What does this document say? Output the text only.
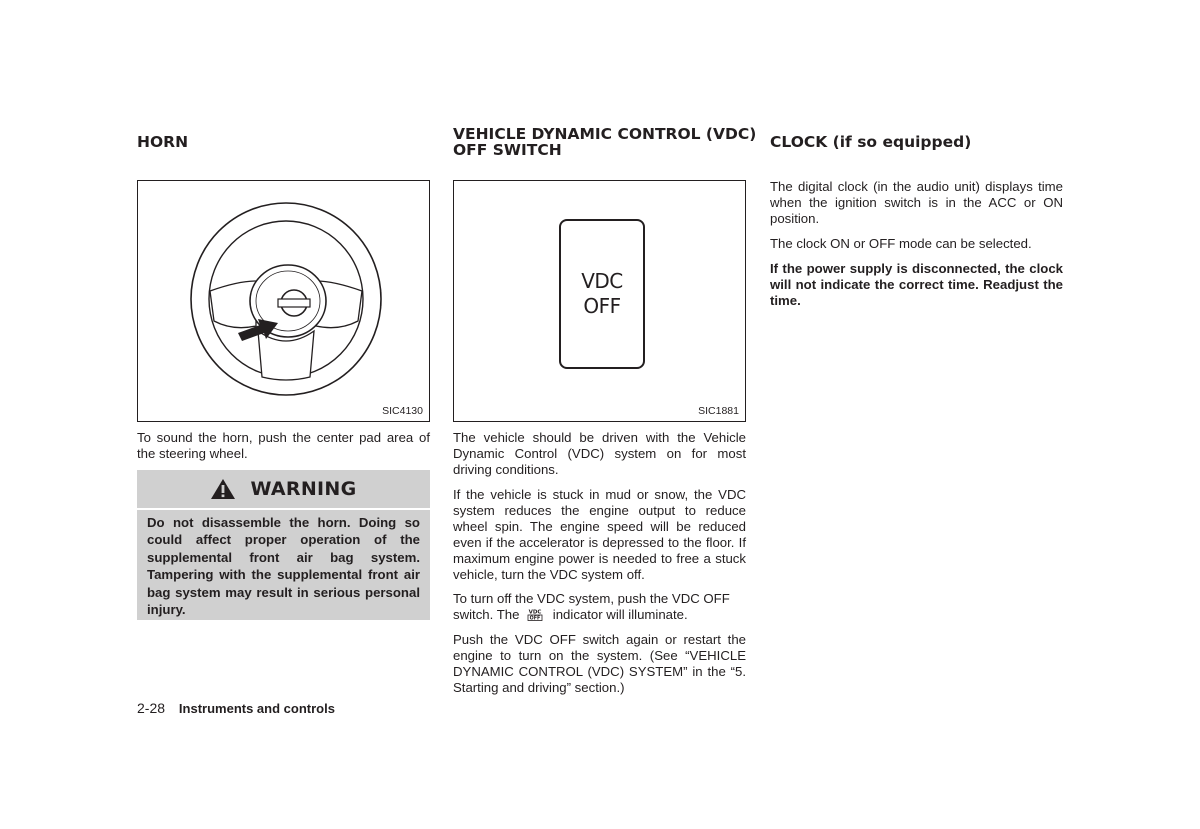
HORN
SIC4130

To sound the horn, push the center pad area of the steering wheel.

WARNING

Do not disassemble the horn. Doing so could affect proper operation of the supplemental front air bag system. Tampering with the supplemental front air bag system may result in serious personal injury.

VEHICLE DYNAMIC CONTROL (VDC)
OFF SWITCH
VDC
OFF
SIC1881

The vehicle should be driven with the Vehicle Dynamic Control (VDC) system on for most driving conditions.

If the vehicle is stuck in mud or snow, the VDC system reduces the engine output to reduce wheel spin. The engine speed will be reduced even if the accelerator is depressed to the floor. If maximum engine power is needed to free a stuck vehicle, turn the VDC system off.

To turn off the VDC system, push the VDC OFF switch. The VDC
OFF indicator will illuminate.

Push the VDC OFF switch again or restart the engine to turn on the system. (See “VEHICLE DYNAMIC CONTROL (VDC) SYSTEM” in the “5. Starting and driving” section.)

CLOCK (if so equipped)

The digital clock (in the audio unit) displays time when the ignition switch is in the ACC or ON position.

The clock ON or OFF mode can be selected.

If the power supply is disconnected, the clock will not indicate the correct time. Readjust the time.

2-28 Instruments and controls
